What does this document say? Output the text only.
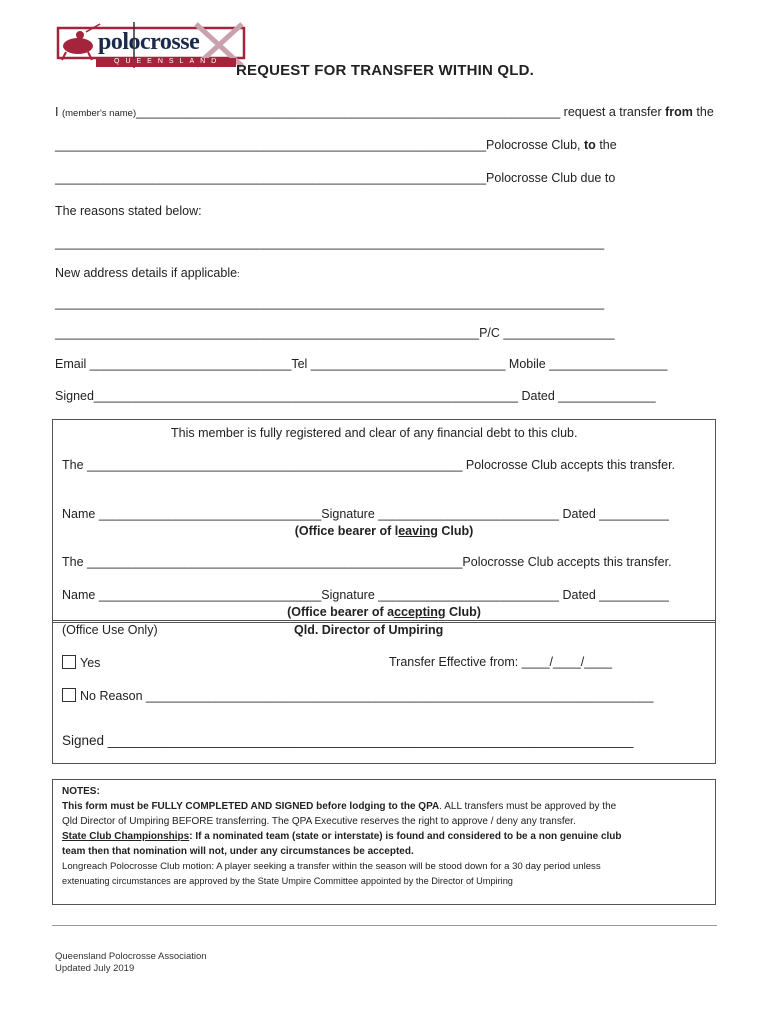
polocrosse
QUEENSLAND
REQUEST FOR TRANSFER WITHIN QLD.
I (member's name)_____________________________________________________________ request a transfer from the
______________________________________________________________Polocrosse Club, to the
______________________________________________________________Polocrosse Club due to
The reasons stated below:
_______________________________________________________________________________
New address details if applicable:
_______________________________________________________________________________
_____________________________________________________________P/C ________________
Email _____________________________Tel ____________________________ Mobile _________________
Signed_____________________________________________________________ Dated ______________
This member is fully registered and clear of any financial debt to this club.
The ______________________________________________________ Polocrosse Club accepts this transfer.
Name ________________________________Signature __________________________ Dated __________
(Office bearer of leaving Club)
The ______________________________________________________Polocrosse Club accepts this transfer.
Name ________________________________Signature __________________________ Dated __________
(Office bearer of accepting Club)
(Office Use Only)	Qld. Director of Umpiring
Yes	Transfer Effective from: ____/____/____
No Reason _________________________________________________________________________
Signed ______________________________________________________________________
NOTES:
This form must be FULLY COMPLETED AND SIGNED before lodging to the QPA. ALL transfers must be approved by the
Qld Director of Umpiring BEFORE transferring. The QPA Executive reserves the right to approve / deny any transfer.
State Club Championships: If a nominated team (state or interstate) is found and considered to be a non genuine club
team then that nomination will not, under any circumstances be accepted.
Longreach Polocrosse Club motion: A player seeking a transfer within the season will be stood down for a 30 day period unless
extenuating circumstances are approved by the State Umpire Committee appointed by the Director of Umpiring
Queensland Polocrosse Association
Updated July 2019
